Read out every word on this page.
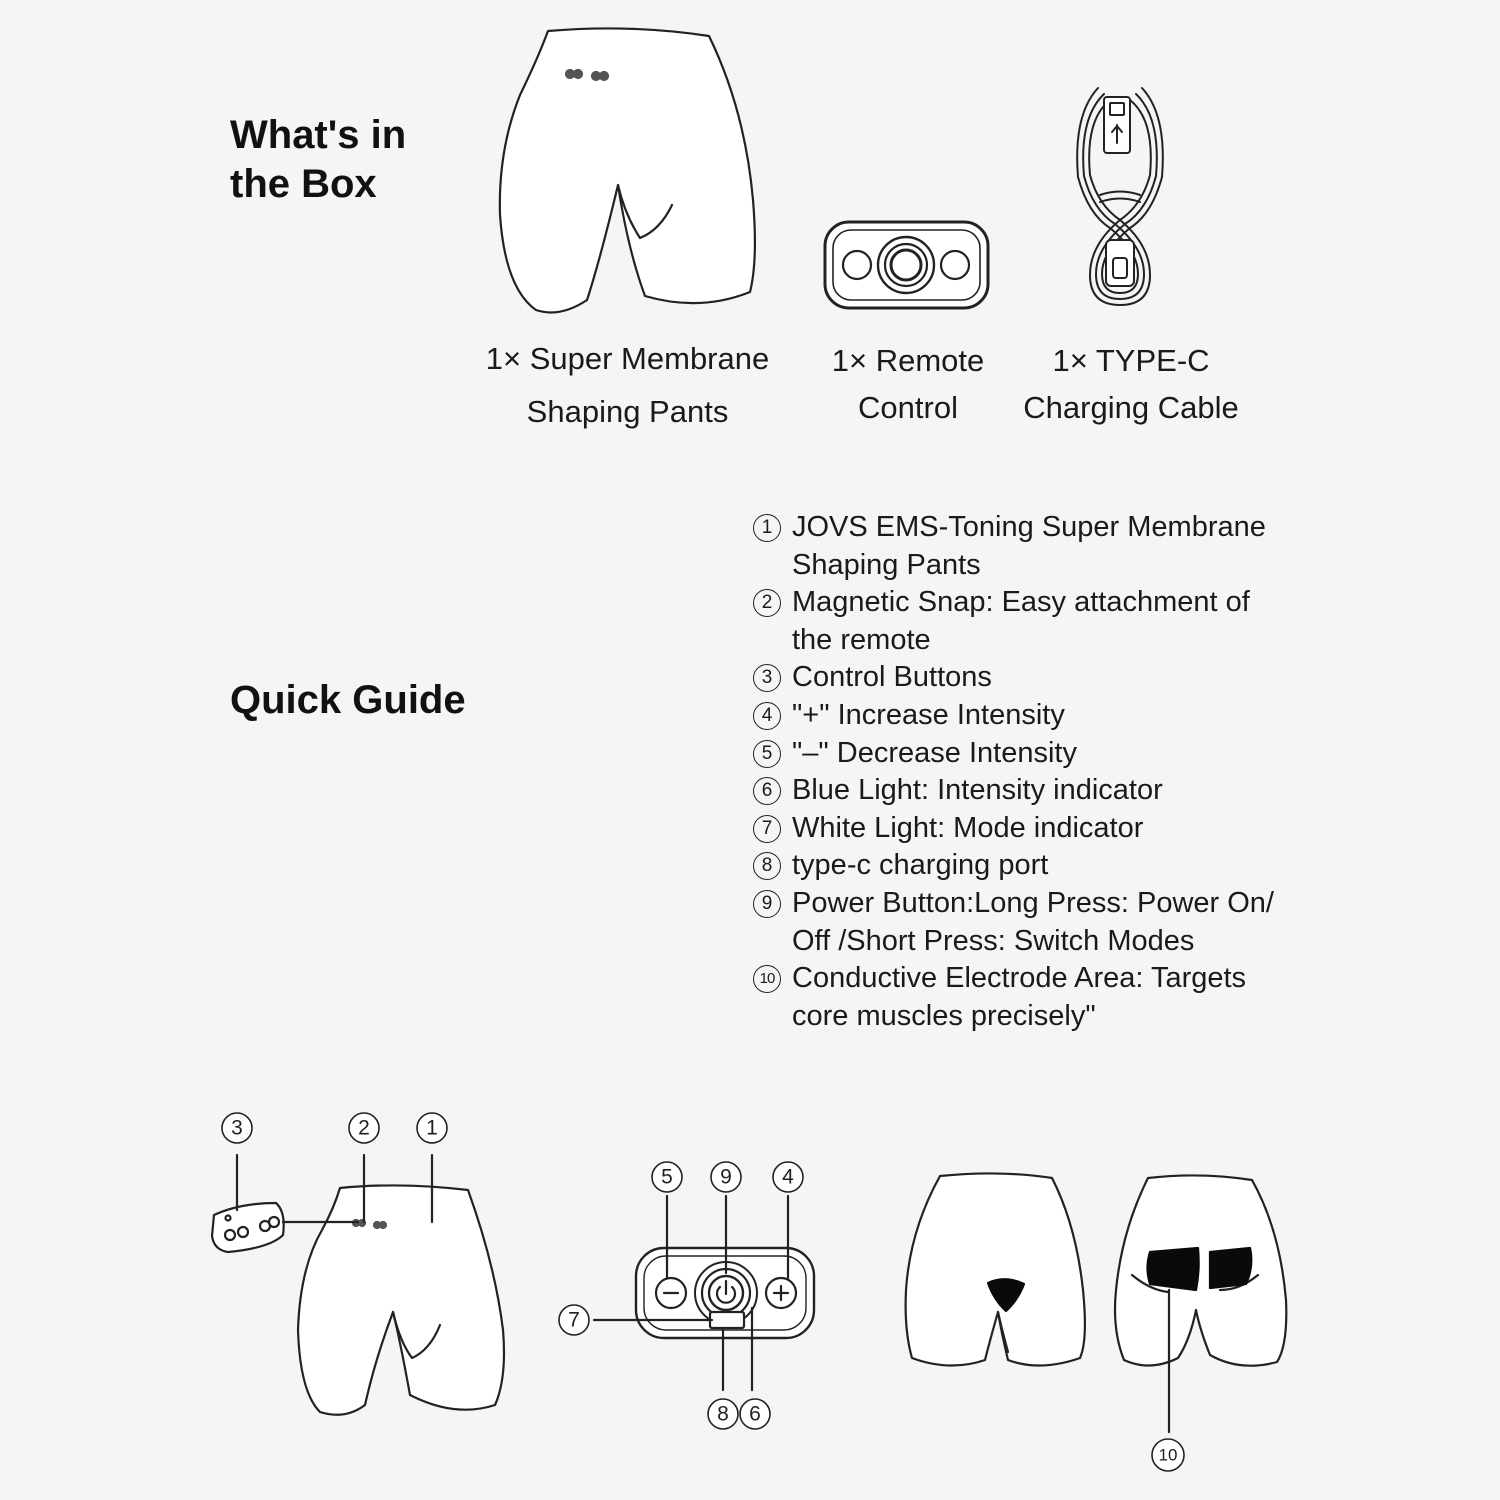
What's in
the Box
Quick Guide
1× Super Membrane
Shaping Pants
1× Remote
Control
1× TYPE-C
Charging Cable
1 JOVS EMS-Toning Super Membrane
Shaping Pants
2 Magnetic Snap: Easy attachment of
the remote
3 Control Buttons
4 "+" Increase Intensity
5 "–" Decrease Intensity
6 Blue Light: Intensity indicator
7 White Light: Mode indicator
8 type-c charging port
9 Power Button:Long Press: Power On/
Off /Short Press: Switch Modes
10 Conductive Electrode Area: Targets
core muscles precisely"
3	2	1
5 9 4
7
8 6
10
